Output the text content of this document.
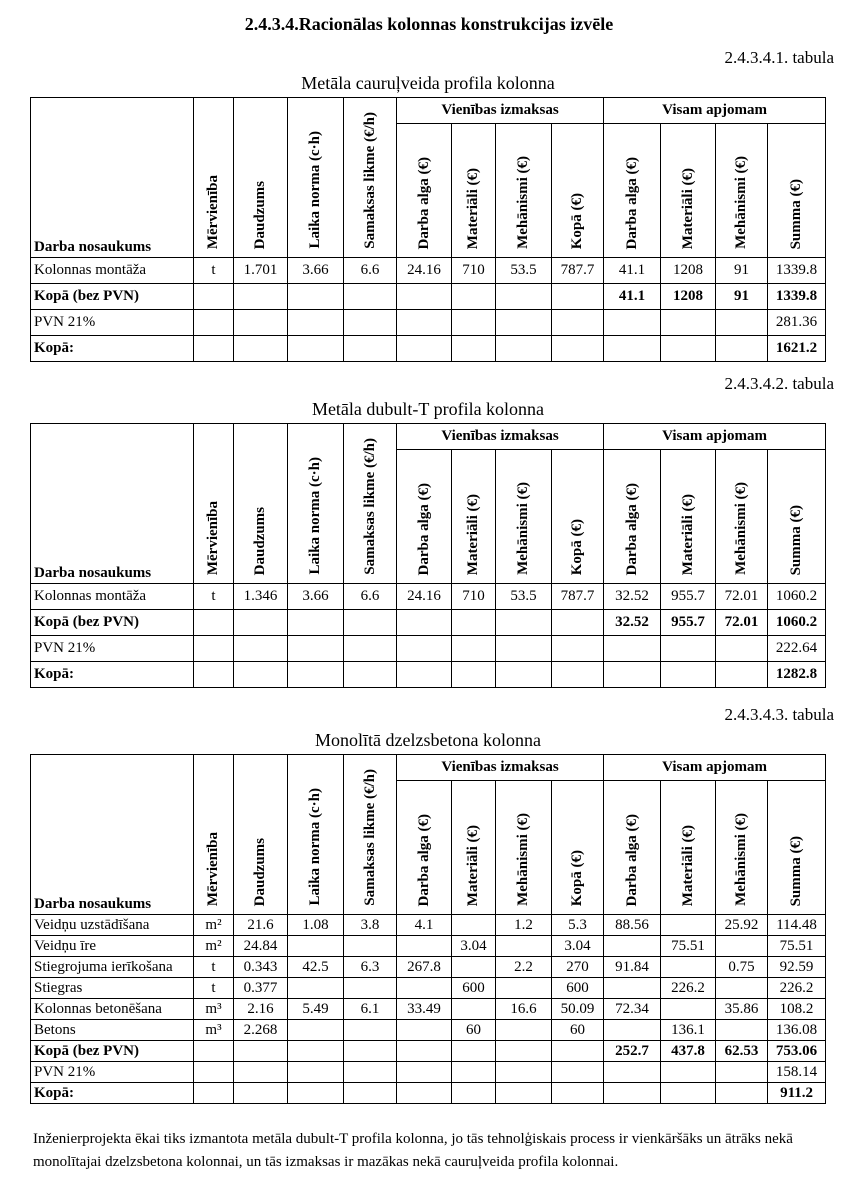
2.4.3.4.Racionālas kolonnas konstrukcijas izvēle
2.4.3.4.1. tabula
Metāla cauruļveida profila kolonna
Darba nosaukums	Mērvienība	Daudzums	Laika norma (c·h)	Samaksas likme (€/h)	Vienības izmaksas				Visam apjomam			
					Darba alga (€)	Materiāli (€)	Mehānismi (€)	Kopā (€)	Darba alga (€)	Materiāli (€)	Mehānismi (€)	Summa (€)
Kolonnas montāža	t	1.701	3.66	6.6	24.16	710	53.5	787.7	41.1	1208	91	1339.8
Kopā (bez PVN)									41.1	1208	91	1339.8
PVN 21%												281.36
Kopā:												1621.2
2.4.3.4.2. tabula
Metāla dubult-T profila kolonna
Darba nosaukums	Mērvienība	Daudzums	Laika norma (c·h)	Samaksas likme (€/h)	Vienības izmaksas				Visam apjomam			
					Darba alga (€)	Materiāli (€)	Mehānismi (€)	Kopā (€)	Darba alga (€)	Materiāli (€)	Mehānismi (€)	Summa (€)
Kolonnas montāža	t	1.346	3.66	6.6	24.16	710	53.5	787.7	32.52	955.7	72.01	1060.2
Kopā (bez PVN)									32.52	955.7	72.01	1060.2
PVN 21%												222.64
Kopā:												1282.8
2.4.3.4.3. tabula
Monolītā dzelzsbetona kolonna
Darba nosaukums	Mērvienība	Daudzums	Laika norma (c·h)	Samaksas likme (€/h)	Vienības izmaksas				Visam apjomam			
					Darba alga (€)	Materiāli (€)	Mehānismi (€)	Kopā (€)	Darba alga (€)	Materiāli (€)	Mehānismi (€)	Summa (€)
Veidņu uzstādīšana	m²	21.6	1.08	3.8	4.1		1.2	5.3	88.56		25.92	114.48
Veidņu īre	m²	24.84				3.04		3.04		75.51		75.51
Stiegrojuma ierīkošana	t	0.343	42.5	6.3	267.8		2.2	270	91.84		0.75	92.59
Stiegras	t	0.377				600		600		226.2		226.2
Kolonnas betonēšana	m³	2.16	5.49	6.1	33.49		16.6	50.09	72.34		35.86	108.2
Betons	m³	2.268				60		60		136.1		136.08
Kopā (bez PVN)									252.7	437.8	62.53	753.06
PVN 21%												158.14
Kopā:												911.2
Inženierprojekta ēkai tiks izmantota metāla dubult-T profila kolonna, jo tās tehnolģiskais process ir vienkāršāks un ātrāks nekā monolītajai dzelzsbetona kolonnai, un tās izmaksas ir mazākas nekā cauruļveida profila kolonnai.
